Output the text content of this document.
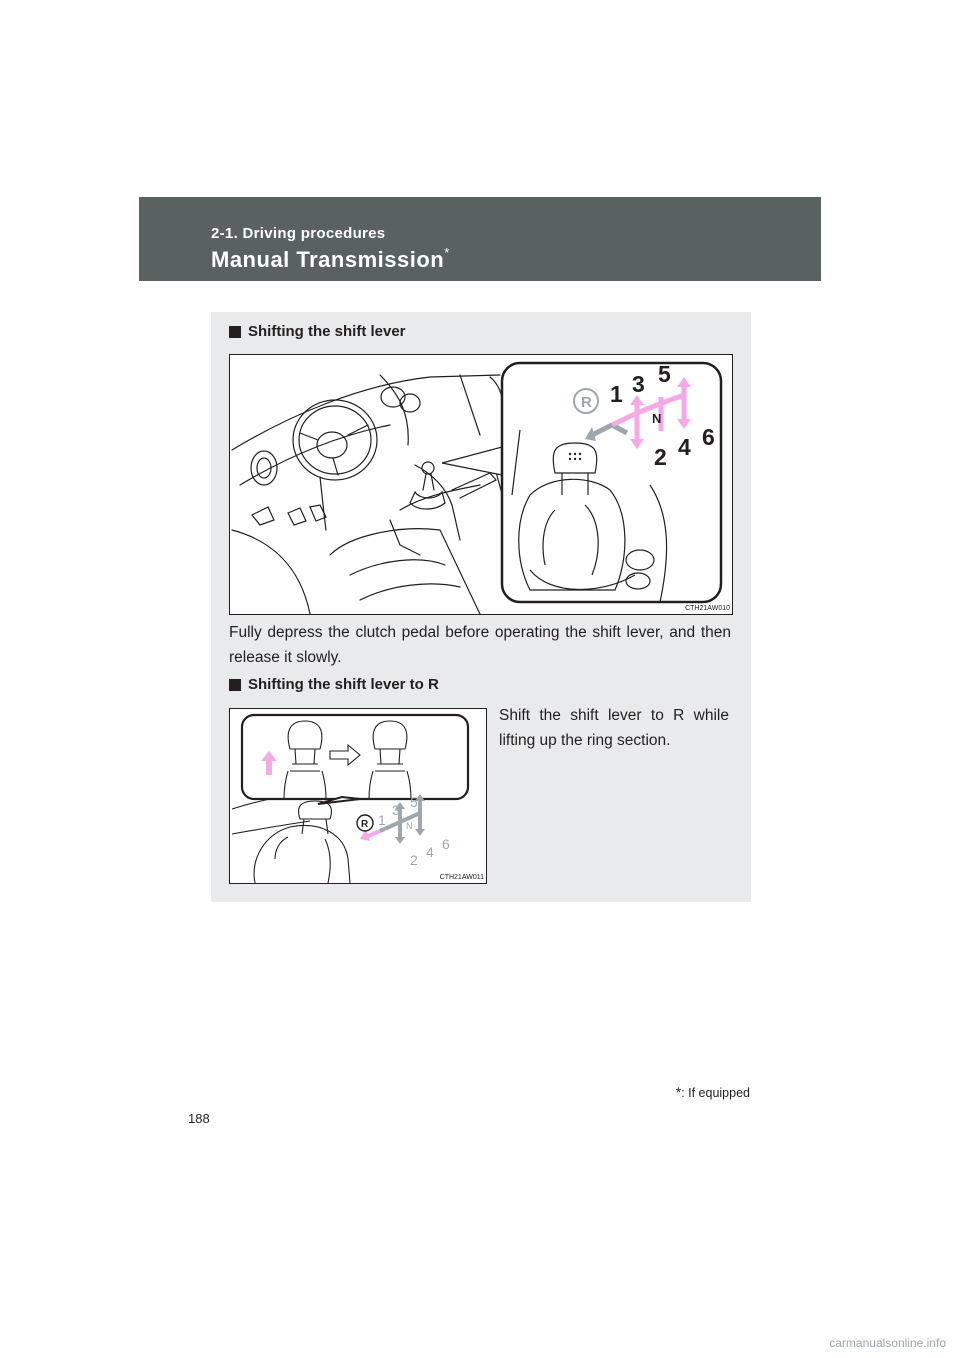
2-1. Driving procedures
Manual Transmission*
Shifting the shift lever
R 1 3 5
2 4 6
N
CTH21AW010
Fully depress the clutch pedal before operating the shift lever, and then release it slowly.
Shifting the shift lever to R
R 1
3 5
2 4 6
N
CTH21AW011
Shift the shift lever to R while lifting up the ring section.
*: If equipped
188
carmanualsonline.info
